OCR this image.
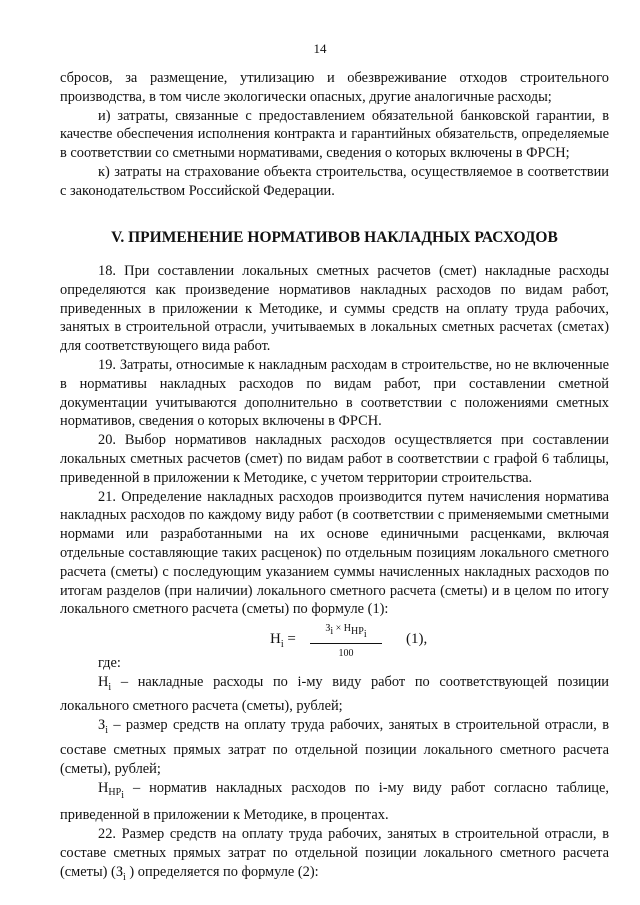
14

сбросов, за размещение, утилизацию и обезвреживание отходов строительного производства, в том числе экологически опасных, другие аналогичные расходы;

и) затраты, связанные с предоставлением обязательной банковской гарантии, в качестве обеспечения исполнения контракта и гарантийных обязательств, определяемые в соответствии со сметными нормативами, сведения о которых включены в ФРСН;

к) затраты на страхование объекта строительства, осуществляемое в соответствии с законодательством Российской Федерации.

V. ПРИМЕНЕНИЕ НОРМАТИВОВ НАКЛАДНЫХ РАСХОДОВ

18. При составлении локальных сметных расчетов (смет) накладные расходы определяются как произведение нормативов накладных расходов по видам работ, приведенных в приложении к Методике, и суммы средств на оплату труда рабочих, занятых в строительной отрасли, учитываемых в локальных сметных расчетах (сметах) для соответствующего вида работ.

19. Затраты, относимые к накладным расходам в строительстве, но не включенные в нормативы накладных расходов по видам работ, при составлении сметной документации учитываются дополнительно в соответствии с положениями сметных нормативов, сведения о которых включены в ФРСН.

20. Выбор нормативов накладных расходов осуществляется при составлении локальных сметных расчетов (смет) по видам работ в соответствии с графой 6 таблицы, приведенной в приложении к Методике, с учетом территории строительства.

21. Определение накладных расходов производится путем начисления норматива накладных расходов по каждому виду работ (в соответствии с применяемыми сметными нормами или разработанными на их основе единичными расценками, включая отдельные составляющие таких расценок) по отдельным позициям локального сметного расчета (сметы) с последующим указанием суммы начисленных накладных расходов по итогам разделов (при наличии) локального сметного расчета (сметы) и в целом по итогу локального сметного расчета (сметы) по формуле (1):

$Н_i$ =
$З_i \times Н_{НР_i}$
100
(1),

где:

$Н_i$ – накладные расходы по i-му виду работ по соответствующей позиции локального сметного расчета (сметы), рублей;

$З_i$ – размер средств на оплату труда рабочих, занятых в строительной отрасли, в составе сметных прямых затрат по отдельной позиции локального сметного расчета (сметы), рублей;

$Н_{НР_i}$ – норматив накладных расходов по i-му виду работ согласно таблице, приведенной в приложении к Методике, в процентах.

22. Размер средств на оплату труда рабочих, занятых в строительной отрасли, в составе сметных прямых затрат по отдельной позиции локального сметного расчета (сметы) ($З_i$ ) определяется по формуле (2):
